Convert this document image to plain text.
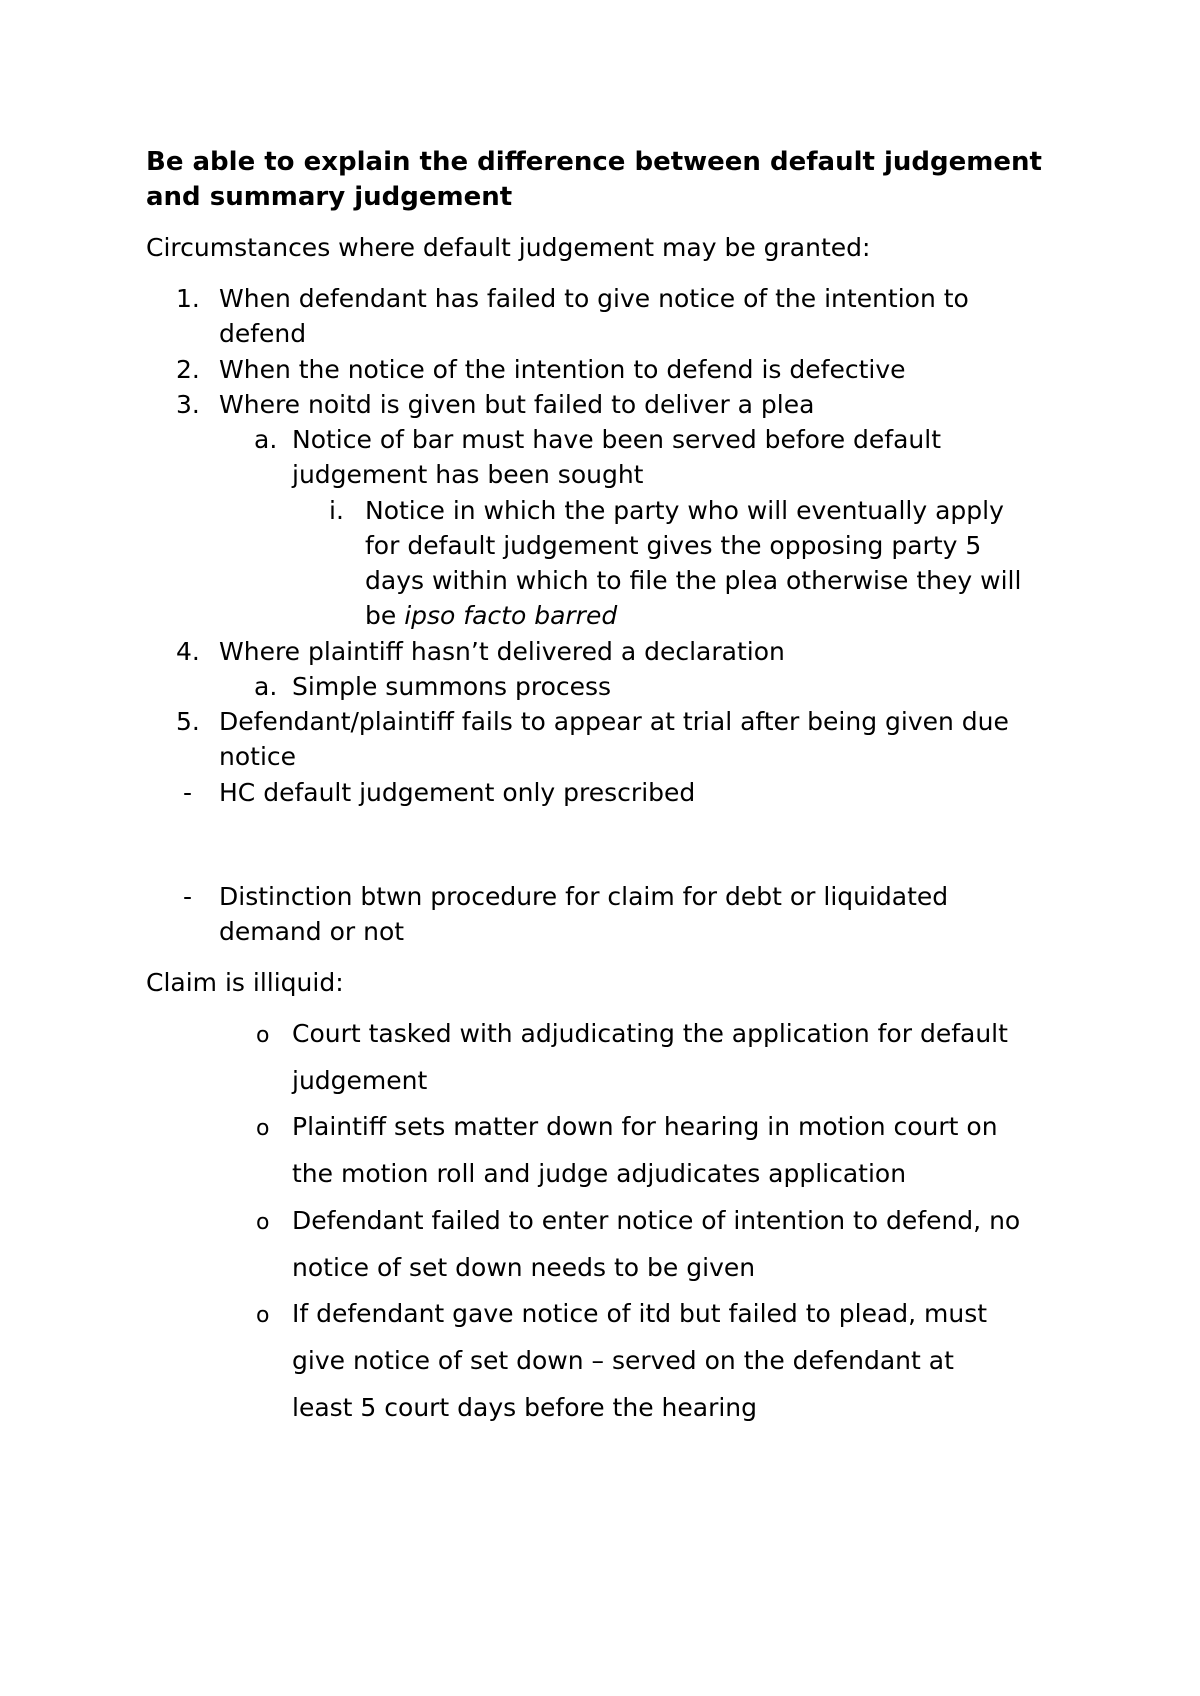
Be able to explain the difference between default judgement
and summary judgement
Circumstances where default judgement may be granted:
1. When defendant has failed to give notice of the intention to
defend
2. When the notice of the intention to defend is defective
3. Where noitd is given but failed to deliver a plea
a. Notice of bar must have been served before default
judgement has been sought
i. Notice in which the party who will eventually apply
for default judgement gives the opposing party 5
days within which to file the plea otherwise they will
be ipso facto barred
4. Where plaintiff hasn’t delivered a declaration
a. Simple summons process
5. Defendant/plaintiff fails to appear at trial after being given due
notice
- HC default judgement only prescribed
- Distinction btwn procedure for claim for debt or liquidated
demand or not
Claim is illiquid:
o Court tasked with adjudicating the application for default
judgement
o Plaintiff sets matter down for hearing in motion court on
the motion roll and judge adjudicates application
o Defendant failed to enter notice of intention to defend, no
notice of set down needs to be given
o If defendant gave notice of itd but failed to plead, must
give notice of set down – served on the defendant at
least 5 court days before the hearing
